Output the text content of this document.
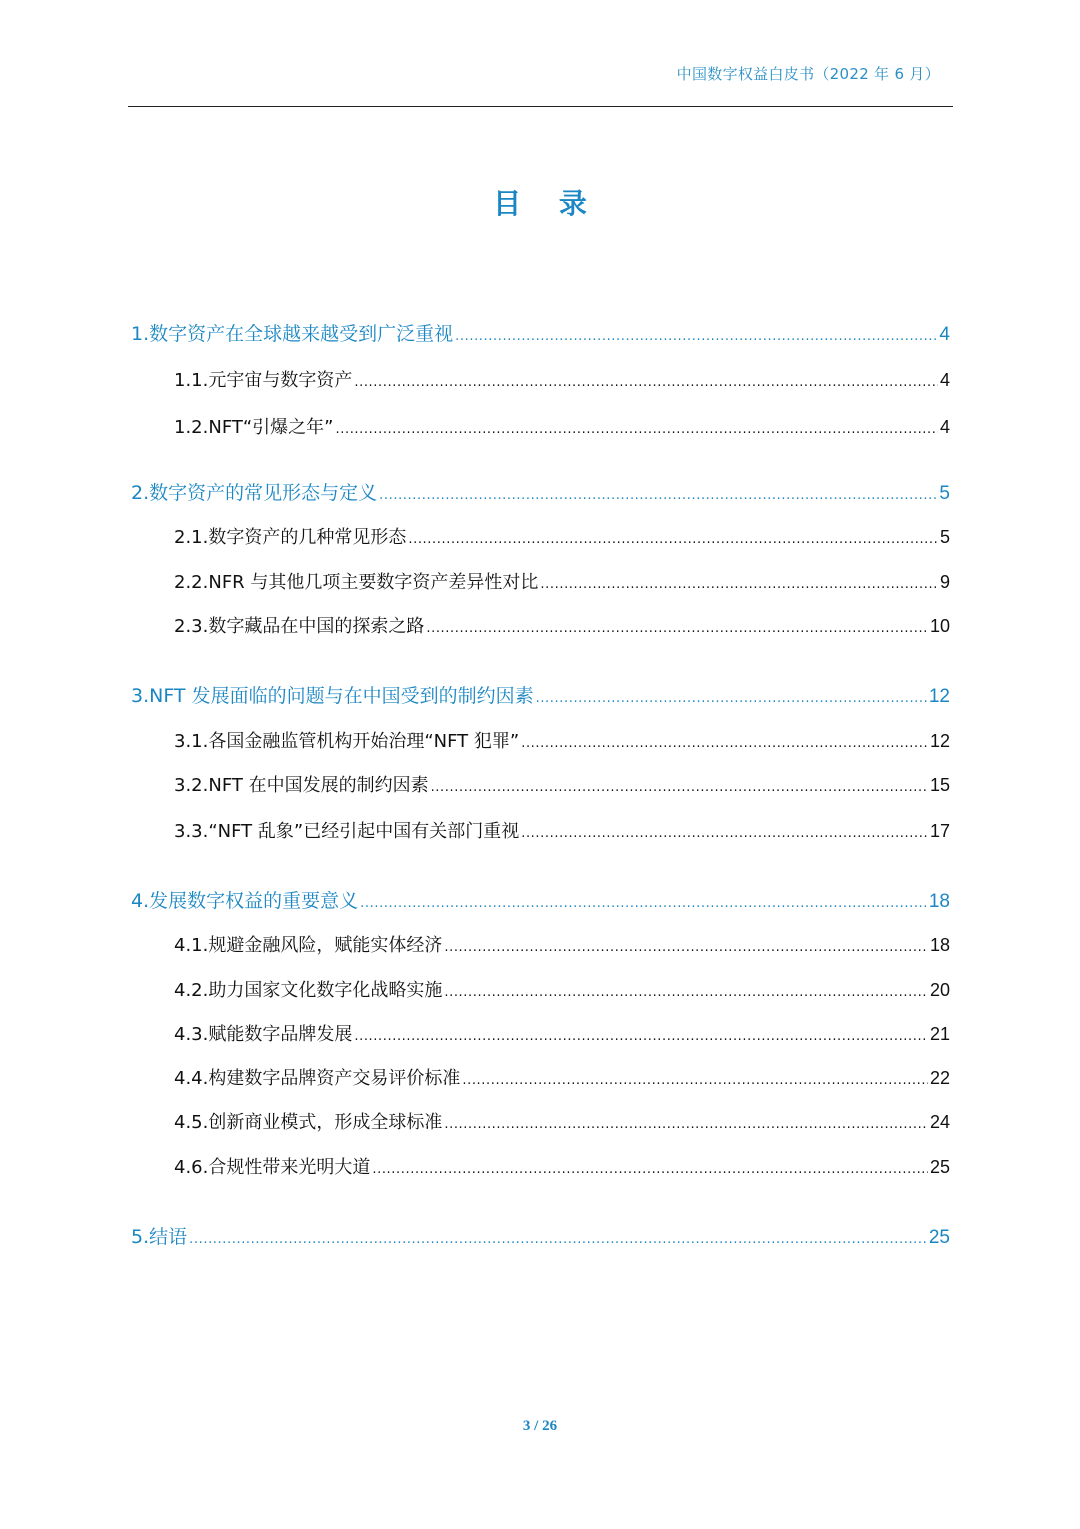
中国数字权益白皮书（2022 年 6 月）
目 录
1.数字资产在全球越来越受到广泛重视 .....	4
1.1.元宇宙与数字资产 .....	4
1.2.NFT“引爆之年” .....	4
2.数字资产的常见形态与定义 .....	5
2.1.数字资产的几种常见形态 .....	5
2.2.NFR 与其他几项主要数字资产差异性对比 .....	9
2.3.数字藏品在中国的探索之路 .....	10
3.NFT 发展面临的问题与在中国受到的制约因素 .....	12
3.1.各国金融监管机构开始治理“NFT 犯罪” .....	12
3.2.NFT 在中国发展的制约因素 .....	15
3.3.“NFT 乱象”已经引起中国有关部门重视 .....	17
4.发展数字权益的重要意义 .....	18
4.1.规避金融风险，赋能实体经济 .....	18
4.2.助力国家文化数字化战略实施 .....	20
4.3.赋能数字品牌发展 .....	21
4.4.构建数字品牌资产交易评价标准 .....	22
4.5.创新商业模式，形成全球标准 .....	24
4.6.合规性带来光明大道 .....	25
5.结语 .....	25
3 / 26
